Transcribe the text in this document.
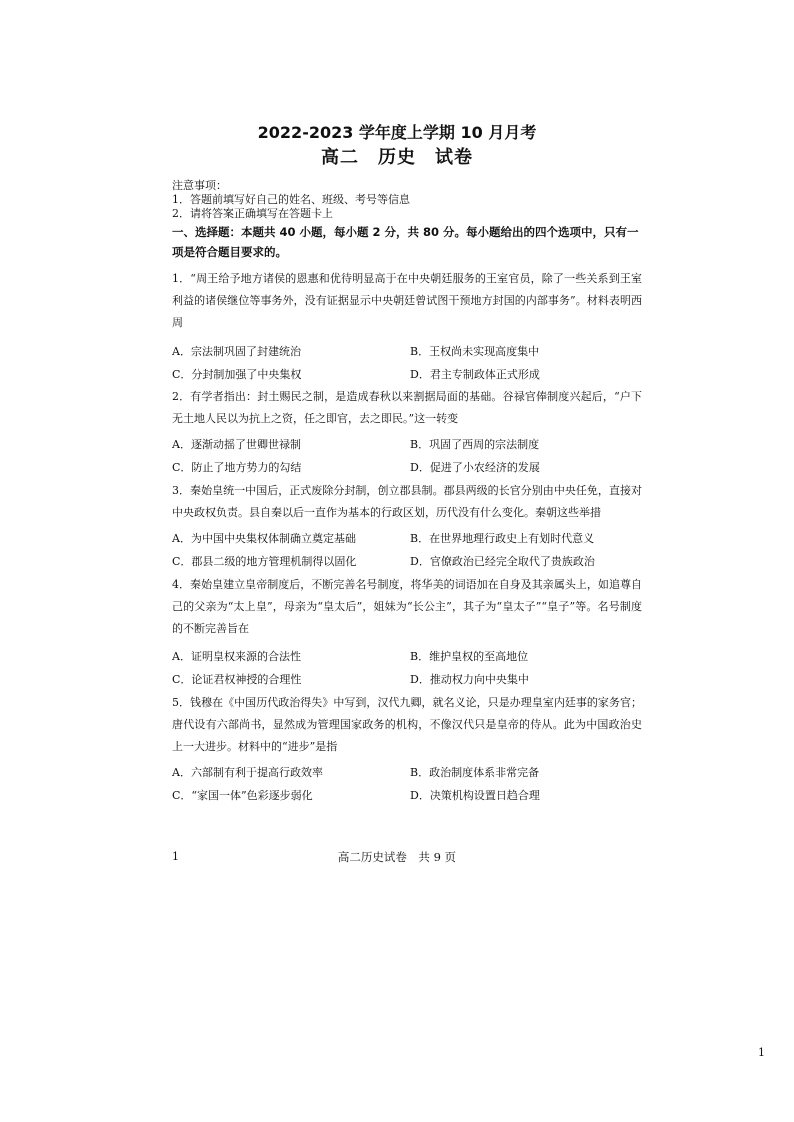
2022-2023 学年度上学期 10 月月考
高二　历史　试卷
注意事项：
1．答题前填写好自己的姓名、班级、考号等信息
2．请将答案正确填写在答题卡上
一、选择题：本题共 40 小题，每小题 2 分，共 80 分。每小题给出的四个选项中，只有一项是符合题目要求的。
1．“周王给予地方诸侯的恩惠和优待明显高于在中央朝廷服务的王室官员，除了一些关系到王室利益的诸侯继位等事务外，没有证据显示中央朝廷曾试图干预地方封国的内部事务”。材料表明西周
A．宗法制巩固了封建统治	B．王权尚未实现高度集中
C．分封制加强了中央集权	D．君主专制政体正式形成
2．有学者指出：封土赐民之制，是造成春秋以来割据局面的基础。谷禄官俸制度兴起后，“户下无土地人民以为抗上之资，任之即官，去之即民。”这一转变
A．逐渐动摇了世卿世禄制	B．巩固了西周的宗法制度
C．防止了地方势力的勾结	D．促进了小农经济的发展
3．秦始皇统一中国后，正式废除分封制，创立郡县制。郡县两级的长官分别由中央任免，直接对中央政权负责。县自秦以后一直作为基本的行政区划，历代没有什么变化。秦朝这些举措
A．为中国中央集权体制确立奠定基础	B．在世界地理行政史上有划时代意义
C．郡县二级的地方管理机制得以固化	D．官僚政治已经完全取代了贵族政治
4．秦始皇建立皇帝制度后，不断完善名号制度，将华美的词语加在自身及其亲属头上，如追尊自己的父亲为“太上皇”，母亲为“皇太后”，姐妹为“长公主”，其子为“皇太子”“皇子”等。名号制度的不断完善旨在
A．证明皇权来源的合法性	B．维护皇权的至高地位
C．论证君权神授的合理性	D．推动权力向中央集中
5．钱穆在《中国历代政治得失》中写到，汉代九卿，就名义论，只是办理皇室内廷事的家务官；唐代设有六部尚书，显然成为管理国家政务的机构，不像汉代只是皇帝的侍从。此为中国政治史上一大进步。材料中的“进步”是指
A．六部制有利于提高行政效率	B．政治制度体系非常完备
C．“家国一体”色彩逐步弱化	D．决策机构设置日趋合理
1	高二历史试卷　共 9 页
1
